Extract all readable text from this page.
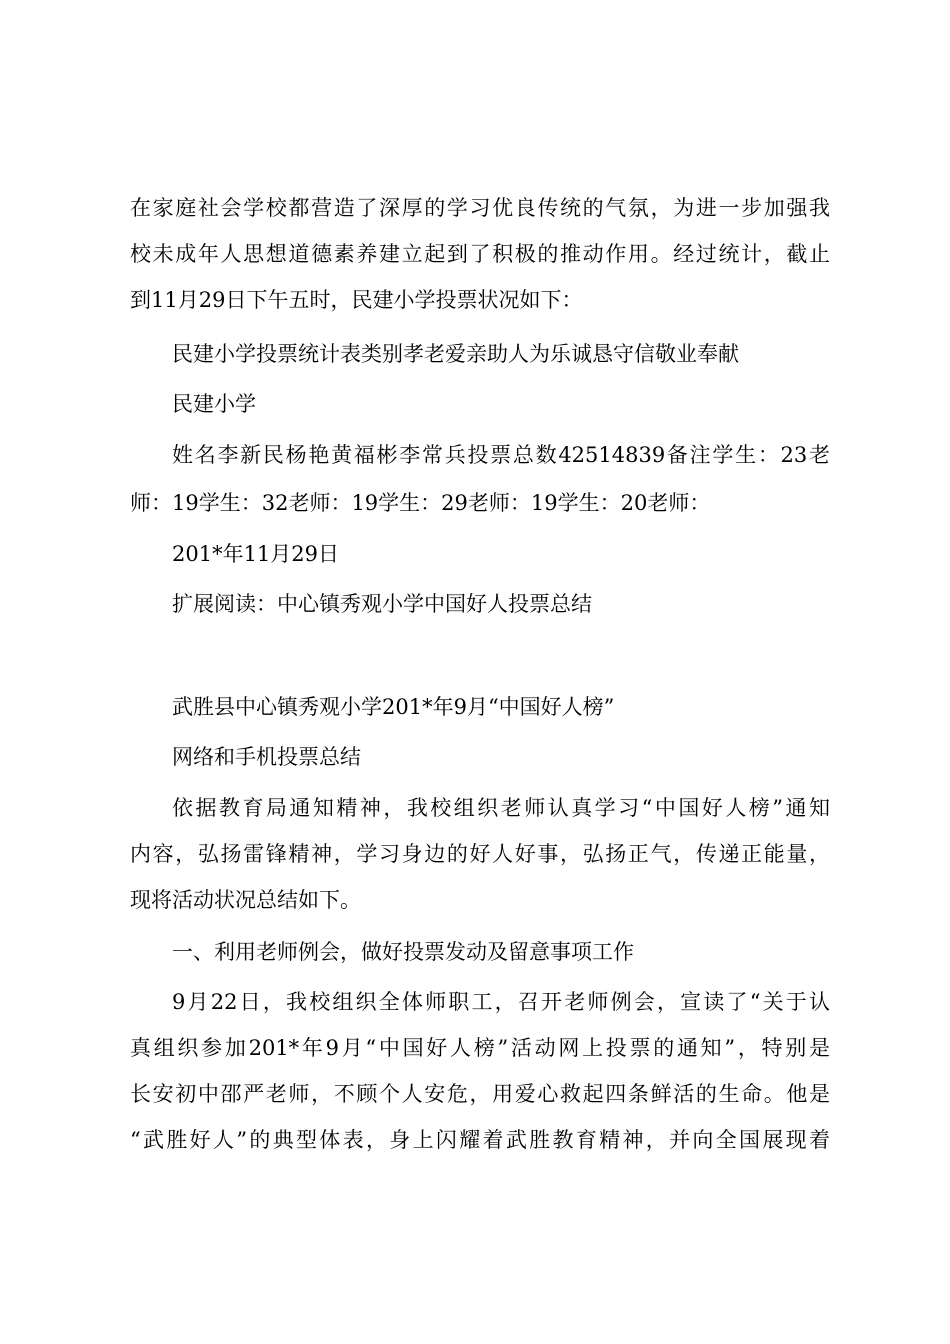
在家庭社会学校都营造了深厚的学习优良传统的气氛，为进一步加强我

校未成年人思想道德素养建立起到了积极的推动作用。经过统计，截止

到11月29日下午五时，民建小学投票状况如下：

民建小学投票统计表类别孝老爱亲助人为乐诚恳守信敬业奉献

民建小学

姓名李新民杨艳黄福彬李常兵投票总数42514839备注学生：23老

师：19学生：32老师：19学生：29老师：19学生：20老师：

201*年11月29日

扩展阅读：中心镇秀观小学中国好人投票总结

武胜县中心镇秀观小学201*年9月“中国好人榜”

网络和手机投票总结

依据教育局通知精神，我校组织老师认真学习“中国好人榜”通知

内容，弘扬雷锋精神，学习身边的好人好事，弘扬正气，传递正能量，

现将活动状况总结如下。

一、利用老师例会，做好投票发动及留意事项工作

9月22日，我校组织全体师职工，召开老师例会，宣读了“关于认

真组织参加201*年9月“中国好人榜”活动网上投票的通知”，特别是

长安初中邵严老师，不顾个人安危，用爱心救起四条鲜活的生命。他是

“武胜好人”的典型体表，身上闪耀着武胜教育精神，并向全国展现着
